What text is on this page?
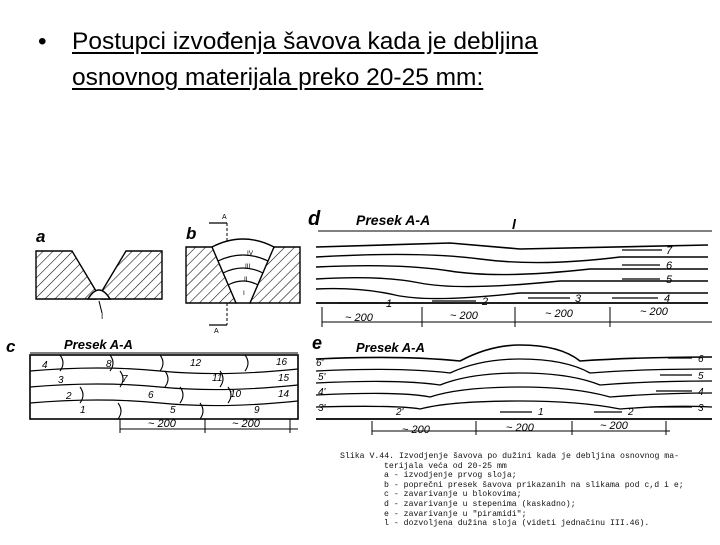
• Postupci izvođenja šavova kada je debljina
osnovnog materijala preko 20-25 mm:
a
I
b
A
IV
III
II
I
A
d	Presek A-A	l
7
6
5
4
3
2
1
~ 200	~ 200	~ 200	~ 200
c	Presek A-A
4	8	12	16
3	7	11	15
2	6	10	14
1	5	9
~ 200	~ 200
e	Presek A-A
6'
5'
4'
3'	2'
6
5
4
3
2
1
~ 200	~ 200	~ 200
Slika V.44. Izvodjenje šavova po dužini kada je debljina osnovnog ma-
terijala veća od 20-25 mm
a - izvodjenje prvog sloja;
b - poprečni presek šavova prikazanih na slikama pod c,d i e;
c - zavarivanje u blokovima;
d - zavarivanje u stepenima (kaskadno);
e - zavarivanje u "piramidi";
l - dozvoljena dužina sloja (videti jednačinu III.46).
